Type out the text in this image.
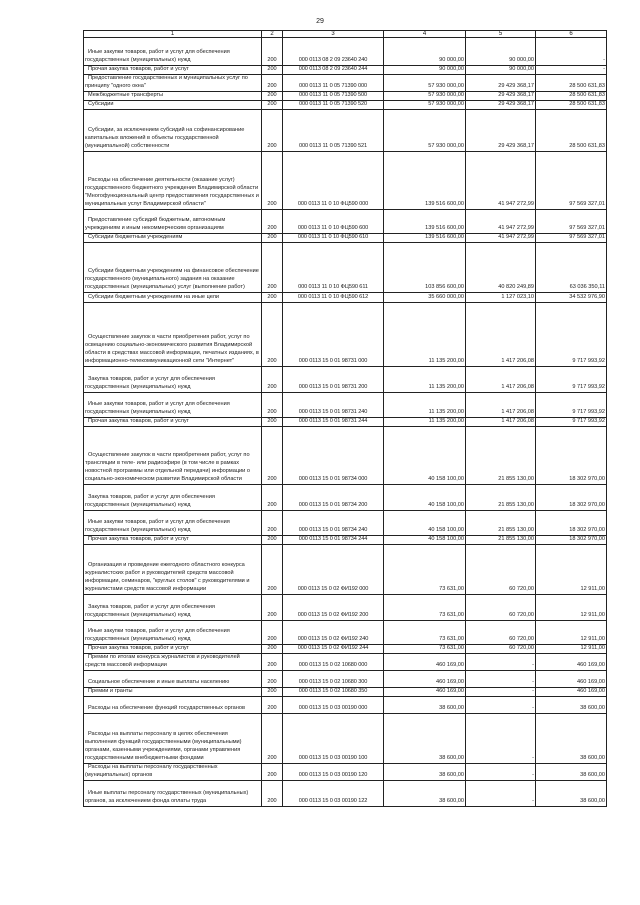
29
1	2	3	4	5	6

Иные закупки товаров, работ и услуг для обеспечения государственных (муниципальных) нужд	200	000 0113 08 2 09 23640 240	90 000,00	90 000,00	-

Прочая закупка товаров, работ и услуг	200	000 0113 08 2 09 23640 244	90 000,00	90 000,00	-

Предоставление государственных и муниципальных услуг по принципу "одного окна"	200	000 0113 11 0 05 71390 000	57 930 000,00	29 429 368,17	28 500 631,83

Межбюджетные трансферты	200	000 0113 11 0 05 71390 500	57 930 000,00	29 429 368,17	28 500 631,83

Субсидии	200	000 0113 11 0 05 71390 520	57 930 000,00	29 429 368,17	28 500 631,83

Субсидии, за исключением субсидий на софинансирование капитальных вложений в объекты государственной (муниципальной) собственности	200	000 0113 11 0 05 71390 521	57 930 000,00	29 429 368,17	28 500 631,83

Расходы на обеспечение деятельности (оказание услуг) государственного бюджетного учреждения Владимирской области "Многофункциональный центр предоставления государственных и муниципальных услуг Владимирской области"	200	000 0113 11 0 10 ФЦ590 000	139 516 600,00	41 947 272,99	97 569 327,01

Предоставление субсидий бюджетным, автономным учреждениям и иным некоммерческим организациям	200	000 0113 11 0 10 ФЦ590 600	139 516 600,00	41 947 272,99	97 569 327,01

Субсидии бюджетным учреждениям	200	000 0113 11 0 10 ФЦ590 610	139 516 600,00	41 947 272,99	97 569 327,01

Субсидии бюджетным учреждениям на финансовое обеспечение государственного (муниципального) задания на оказание государственных (муниципальных) услуг (выполнение работ)	200	000 0113 11 0 10 ФЦ590 611	103 856 600,00	40 820 249,89	63 036 350,11

Субсидии бюджетным учреждениям на иные цели	200	000 0113 11 0 10 ФЦ590 612	35 660 000,00	1 127 023,10	34 532 976,90

Осуществление закупок в части приобретения работ, услуг по освещению социально-экономического развития Владимирской области в средствах массовой информации, печатных изданиях, в информационно-телекоммуникационной сети "Интернет"	200	000 0113 15 0 01 98731 000	11 135 200,00	1 417 206,08	9 717 993,92

Закупка товаров, работ и услуг для обеспечения государственных (муниципальных) нужд	200	000 0113 15 0 01 98731 200	11 135 200,00	1 417 206,08	9 717 993,92

Иные закупки товаров, работ и услуг для обеспечения государственных (муниципальных) нужд	200	000 0113 15 0 01 98731 240	11 135 200,00	1 417 206,08	9 717 993,92

Прочая закупка товаров, работ и услуг	200	000 0113 15 0 01 98731 244	11 135 200,00	1 417 206,08	9 717 993,92

Осуществление закупок в части приобретения работ, услуг по трансляции в теле- или радиоэфире (в том числе в рамках новостной программы или отдельной передачи) информации о социально-экономическом развитии Владимирской области	200	000 0113 15 0 01 98734 000	40 158 100,00	21 855 130,00	18 302 970,00

Закупка товаров, работ и услуг для обеспечения государственных (муниципальных) нужд	200	000 0113 15 0 01 98734 200	40 158 100,00	21 855 130,00	18 302 970,00

Иные закупки товаров, работ и услуг для обеспечения государственных (муниципальных) нужд	200	000 0113 15 0 01 98734 240	40 158 100,00	21 855 130,00	18 302 970,00

Прочая закупка товаров, работ и услуг	200	000 0113 15 0 01 98734 244	40 158 100,00	21 855 130,00	18 302 970,00

Организация и проведение ежегодного областного конкурса журналистских работ и руководителей средств массовой информации, семинаров, "круглых столов" с руководителями и журналистами средств массовой информации	200	000 0113 15 0 02 ФИ192 000	73 631,00	60 720,00	12 911,00

Закупка товаров, работ и услуг для обеспечения государственных (муниципальных) нужд	200	000 0113 15 0 02 ФИ192 200	73 631,00	60 720,00	12 911,00

Иные закупки товаров, работ и услуг для обеспечения государственных (муниципальных) нужд	200	000 0113 15 0 02 ФИ192 240	73 631,00	60 720,00	12 911,00

Прочая закупка товаров, работ и услуг	200	000 0113 15 0 02 ФИ192 244	73 631,00	60 720,00	12 911,00

Премии по итогам конкурса журналистов и руководителей средств массовой информации	200	000 0113 15 0 02 10680 000	460 169,00	-	460 169,00

Социальное обеспечение и иные выплаты населению	200	000 0113 15 0 02 10680 300	460 169,00	-	460 169,00

Премии и гранты	200	000 0113 15 0 02 10680 350	460 169,00	-	460 169,00

Расходы на обеспечение функций государственных органов	200	000 0113 15 0 03 00190 000	38 600,00	-	38 600,00

Расходы на выплаты персоналу в целях обеспечения выполнения функций государственными (муниципальными) органами, казенными учреждениями, органами управления государственными внебюджетными фондами	200	000 0113 15 0 03 00190 100	38 600,00	-	38 600,00

Расходы на выплаты персоналу государственных (муниципальных) органов	200	000 0113 15 0 03 00190 120	38 600,00	-	38 600,00

Иные выплаты персоналу государственных (муниципальных) органов, за исключением фонда оплаты труда	200	000 0113 15 0 03 00190 122	38 600,00	-	38 600,00
